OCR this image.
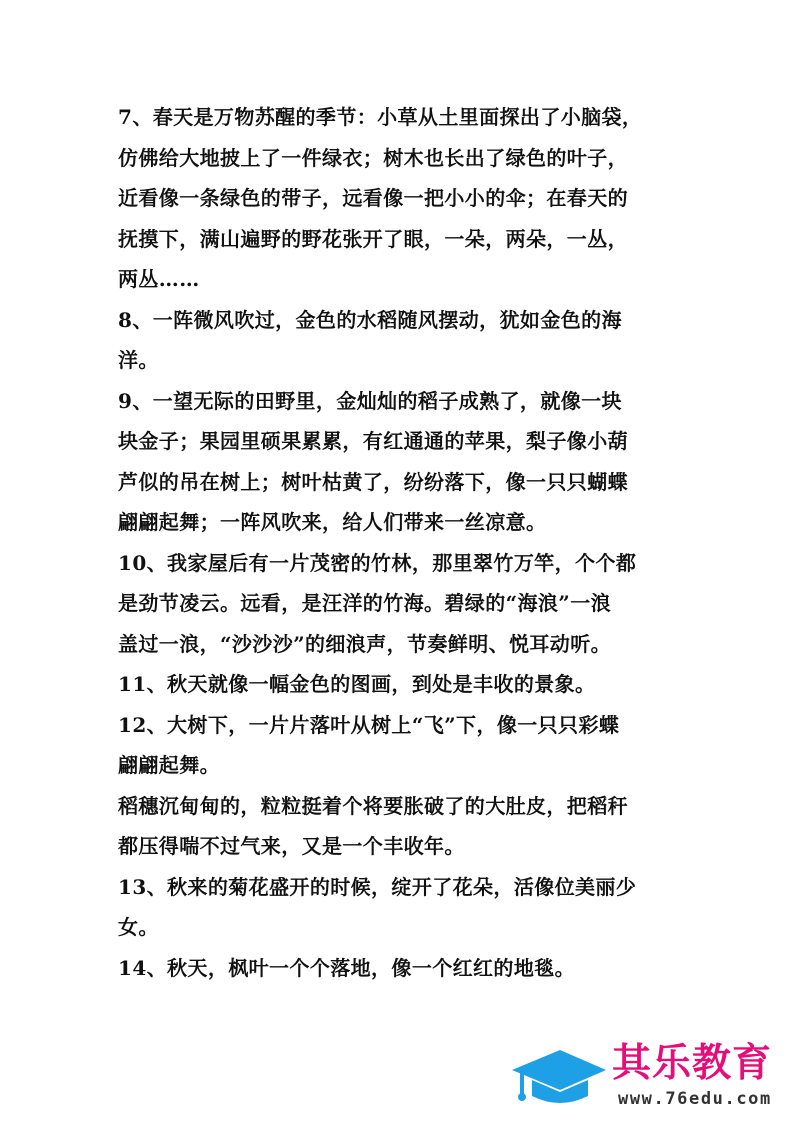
7、春天是万物苏醒的季节：小草从土里面探出了小脑袋，
仿佛给大地披上了一件绿衣；树木也长出了绿色的叶子，
近看像一条绿色的带子，远看像一把小小的伞；在春天的
抚摸下，满山遍野的野花张开了眼，一朵，两朵，一丛，
两丛……
8、一阵微风吹过，金色的水稻随风摆动，犹如金色的海
洋。
9、一望无际的田野里，金灿灿的稻子成熟了，就像一块
块金子；果园里硕果累累，有红通通的苹果，梨子像小葫
芦似的吊在树上；树叶枯黄了，纷纷落下，像一只只蝴蝶
翩翩起舞；一阵风吹来，给人们带来一丝凉意。
10、我家屋后有一片茂密的竹林，那里翠竹万竿，个个都
是劲节凌云。远看，是汪洋的竹海。碧绿的“海浪”一浪
盖过一浪，“沙沙沙”的细浪声，节奏鲜明、悦耳动听。
11、秋天就像一幅金色的图画，到处是丰收的景象。
12、大树下，一片片落叶从树上“飞”下，像一只只彩蝶
翩翩起舞。
稻穗沉甸甸的，粒粒挺着个将要胀破了的大肚皮，把稻秆
都压得喘不过气来，又是一个丰收年。
13、秋来的菊花盛开的时候，绽开了花朵，活像位美丽少
女。
14、秋天，枫叶一个个落地，像一个红红的地毯。
其乐教育
www.76edu.com
